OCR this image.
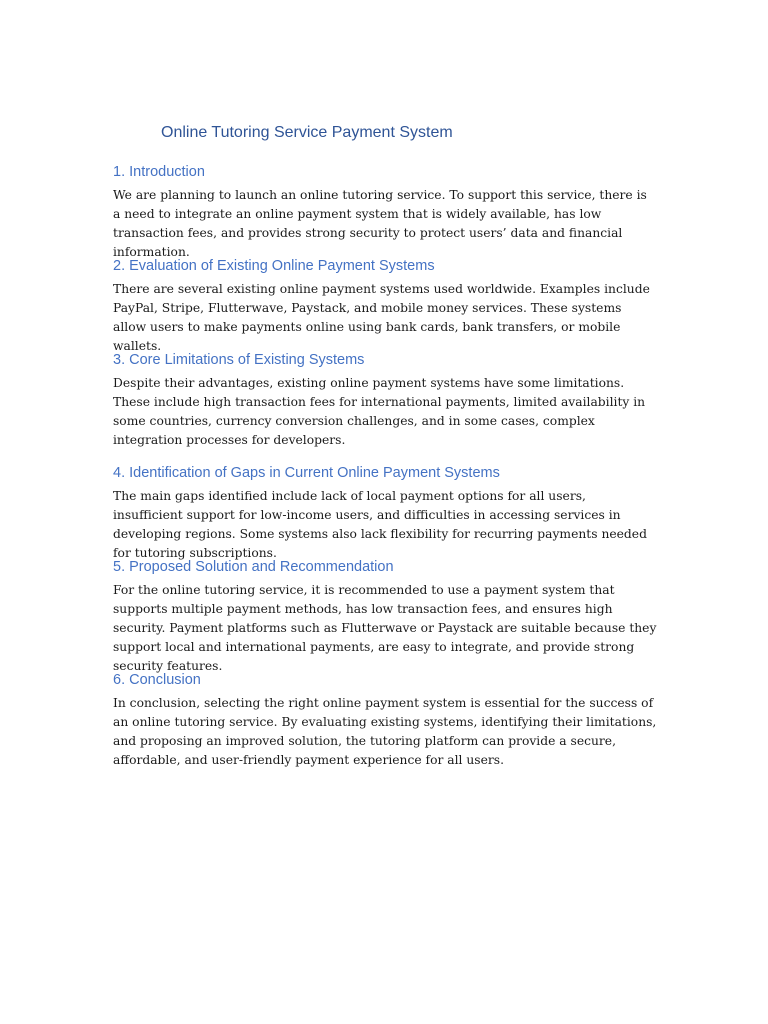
Online Tutoring Service Payment System
1. Introduction

We are planning to launch an online tutoring service. To support this service, there is a need to integrate an online payment system that is widely available, has low transaction fees, and provides strong security to protect users’ data and financial information.

2. Evaluation of Existing Online Payment Systems

There are several existing online payment systems used worldwide. Examples include PayPal, Stripe, Flutterwave, Paystack, and mobile money services. These systems allow users to make payments online using bank cards, bank transfers, or mobile wallets.

3. Core Limitations of Existing Systems

Despite their advantages, existing online payment systems have some limitations. These include high transaction fees for international payments, limited availability in some countries, currency conversion challenges, and in some cases, complex integration processes for developers.

4. Identification of Gaps in Current Online Payment Systems

The main gaps identified include lack of local payment options for all users, insufficient support for low-income users, and difficulties in accessing services in developing regions. Some systems also lack flexibility for recurring payments needed for tutoring subscriptions.

5. Proposed Solution and Recommendation

For the online tutoring service, it is recommended to use a payment system that supports multiple payment methods, has low transaction fees, and ensures high security. Payment platforms such as Flutterwave or Paystack are suitable because they support local and international payments, are easy to integrate, and provide strong security features.

6. Conclusion

In conclusion, selecting the right online payment system is essential for the success of an online tutoring service. By evaluating existing systems, identifying their limitations, and proposing an improved solution, the tutoring platform can provide a secure, affordable, and user-friendly payment experience for all users.
